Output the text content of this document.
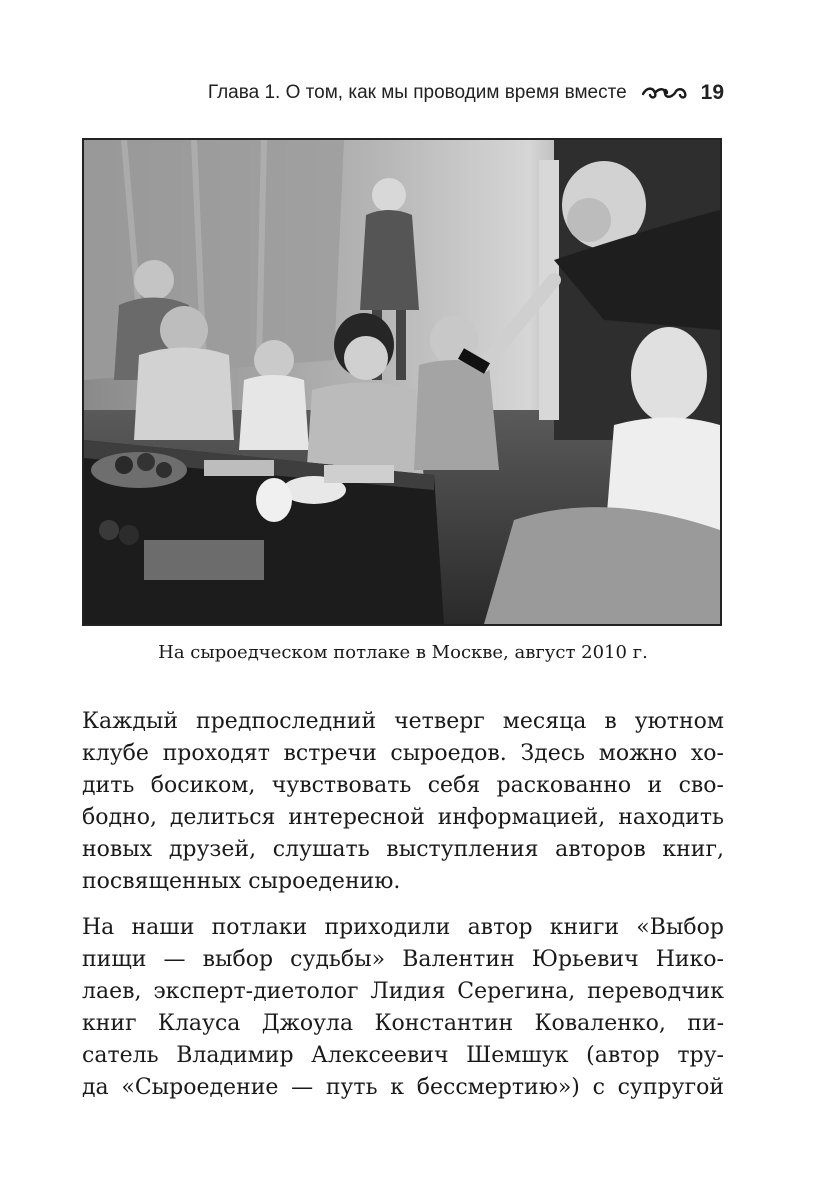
Глава 1. О том, как мы проводим время вместе	19
На сыроедческом потлаке в Москве, август 2010 г.

Каждый предпоследний четверг месяца в уютном
клубе проходят встречи сыроедов. Здесь можно хо-
дить босиком, чувствовать себя раскованно и сво-
бодно, делиться интересной информацией, находить
новых друзей, слушать выступления авторов книг,
посвященных сыроедению.

На наши потлаки приходили автор книги «Выбор
пищи — выбор судьбы» Валентин Юрьевич Нико-
лаев, эксперт-диетолог Лидия Серегина, переводчик
книг Клауса Джоула Константин Коваленко, пи-
сатель Владимир Алексеевич Шемшук (автор тру-
да «Сыроедение — путь к бессмертию») с супругой
